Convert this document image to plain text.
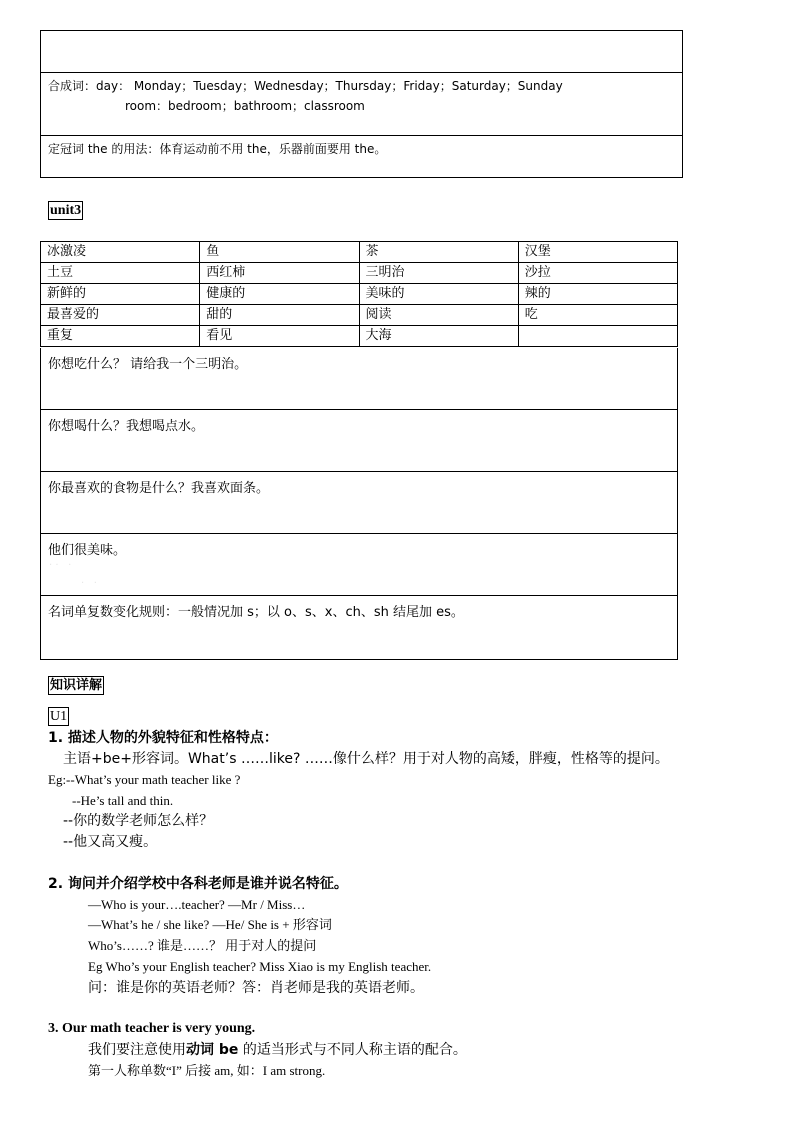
合成词：day： Monday；Tuesday；Wednesday；Thursday；Friday；Saturday；Sunday
room：bedroom；bathroom；classroom
定冠词 the 的用法：体育运动前不用 the，乐器前面要用 the。
unit3
冰激凌	鱼	茶	汉堡
土豆	西红柿	三明治	沙拉
新鲜的	健康的	美味的	辣的
最喜爱的	甜的	阅读	吃
重复	看见	大海	
你想吃什么？ 请给我一个三明治。
你想喝什么？我想喝点水。
你最喜欢的食物是什么？我喜欢面条。
他们很美味。
· ·   ·
·   ·
名词单复数变化规则：一般情况加 s；以 o、s、x、ch、sh 结尾加 es。
知识详解
U1
1. 描述人物的外貌特征和性格特点：
主语+be+形容词。What’s ……like? ……像什么样？用于对人物的高矮，胖瘦，性格等的提问。
Eg:--What’s your math teacher like ?
--He’s tall and thin.
--你的数学老师怎么样？
--他又高又瘦。
2. 询问并介绍学校中各科老师是谁并说名特征。
—Who is your….teacher? —Mr / Miss…
—What’s he / she like? —He/ She is + 形容词
Who’s……? 谁是……？ 用于对人的提问
Eg Who’s your English teacher? Miss Xiao is my English teacher.
问：谁是你的英语老师？答：肖老师是我的英语老师。
3. Our math teacher is very young.
我们要注意使用动词 be 的适当形式与不同人称主语的配合。
第一人称单数“I” 后接 am, 如：I am strong.
